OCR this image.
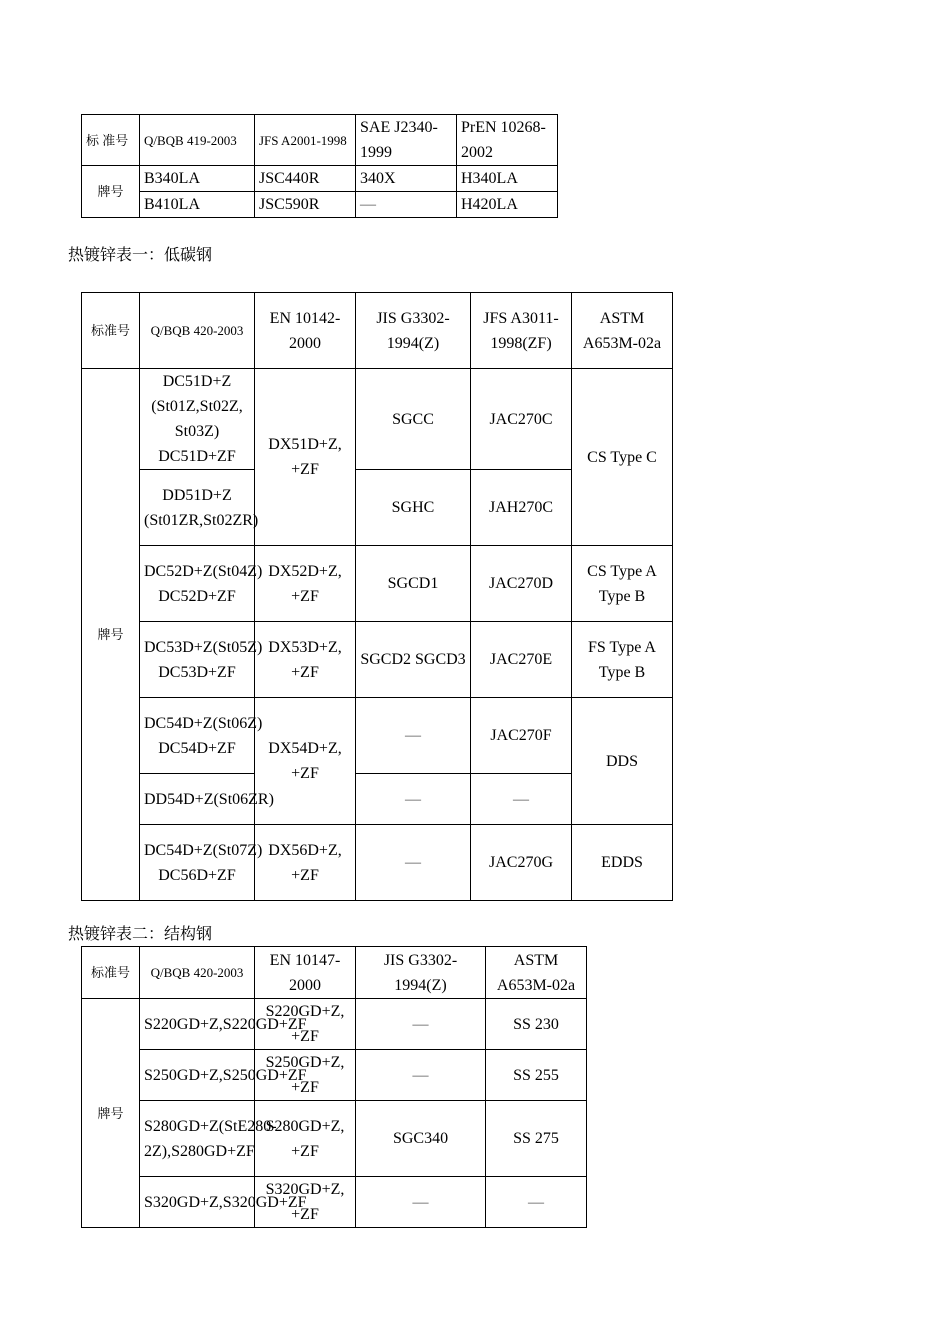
标 准号	Q/BQB 419-2003	JFS A2001-1998	SAE J2340-1999	PrEN 10268-2002
牌号	B340LA	JSC440R	340X	H340LA
	B410LA	JSC590R	—	H420LA
热镀锌表一：低碳钢
标准号	Q/BQB 420-2003	EN 10142-2000	JIS G3302-1994(Z)	JFS A3011-1998(ZF)	ASTM A653M-02a
牌号	DC51D+Z (St01Z,St02Z, St03Z) DC51D+ZF	DX51D+Z, +ZF	SGCC	JAC270C	CS Type C
	DD51D+Z (St01ZR,St02ZR)		SGHC	JAH270C	
	DC52D+Z(St04Z) DC52D+ZF	DX52D+Z, +ZF	SGCD1	JAC270D	CS Type A Type B
	DC53D+Z(St05Z) DC53D+ZF	DX53D+Z, +ZF	SGCD2 SGCD3	JAC270E	FS Type A Type B
	DC54D+Z(St06Z) DC54D+ZF	DX54D+Z, +ZF	—	JAC270F	DDS
	DD54D+Z(St06ZR)		—	—	
	DC54D+Z(St07Z) DC56D+ZF	DX56D+Z, +ZF	—	JAC270G	EDDS
热镀锌表二：结构钢
标准号	Q/BQB 420-2003	EN 10147-2000	JIS G3302-1994(Z)	ASTM A653M-02a
牌号	S220GD+Z,S220GD+ZF	S220GD+Z, +ZF	—	SS 230
	S250GD+Z,S250GD+ZF	S250GD+Z, +ZF	—	SS 255
	S280GD+Z(StE280-2Z),S280GD+ZF	S280GD+Z, +ZF	SGC340	SS 275
	S320GD+Z,S320GD+ZF	S320GD+Z, +ZF	—	—
